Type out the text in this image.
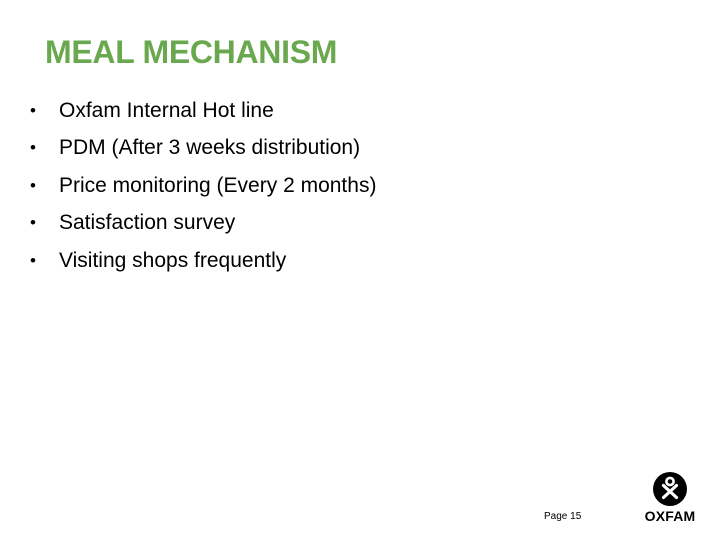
MEAL MECHANISM
•	Oxfam Internal Hot line
•	PDM (After 3 weeks distribution)
•	Price monitoring (Every 2 months)
•	Satisfaction survey
•	Visiting shops frequently
Page 15	OXFAM
